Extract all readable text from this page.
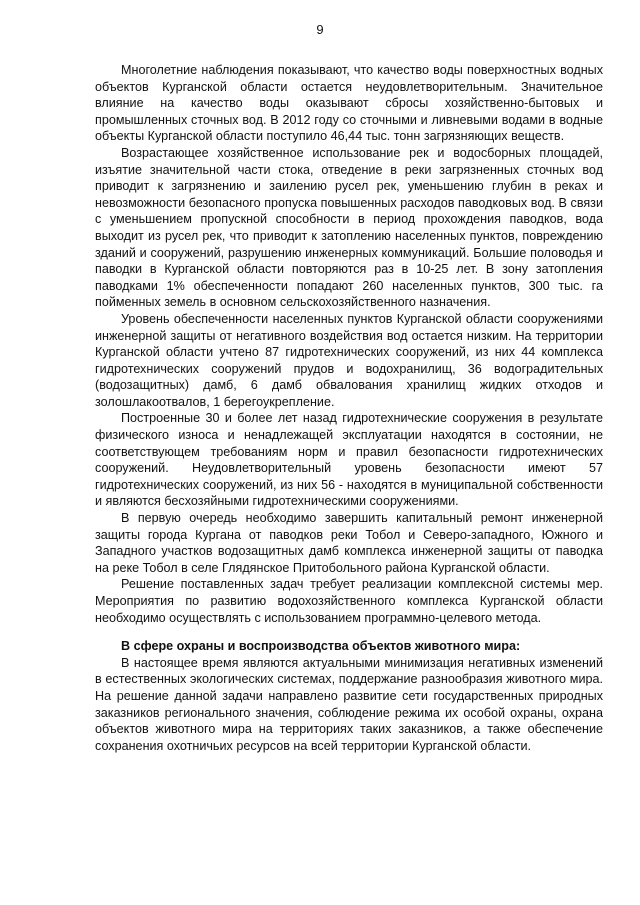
9

Многолетние наблюдения показывают, что качество воды поверхностных водных объектов Курганской области остается неудовлетворительным. Значительное влияние на качество воды оказывают сбросы хозяйственно-бытовых и промышленных сточных вод. В 2012 году со сточными и ливневыми водами в водные объекты Курганской области поступило 46,44 тыс. тонн загрязняющих веществ.

Возрастающее хозяйственное использование рек и водосборных площадей, изъятие значительной части стока, отведение в реки загрязненных сточных вод приводит к загрязнению и заилению русел рек, уменьшению глубин в реках и невозможности безопасного пропуска повышенных расходов паводковых вод. В связи с уменьшением пропускной способности в период прохождения паводков, вода выходит из русел рек, что приводит к затоплению населенных пунктов, повреждению зданий и сооружений, разрушению инженерных коммуникаций. Большие половодья и паводки в Курганской области повторяются раз в 10-25 лет. В зону затопления паводками 1% обеспеченности попадают 260 населенных пунктов, 300 тыс. га пойменных земель в основном сельскохозяйственного назначения.

Уровень обеспеченности населенных пунктов Курганской области сооружениями инженерной защиты от негативного воздействия вод остается низким. На территории Курганской области учтено 87 гидротехнических сооружений, из них 44 комплекса гидротехнических сооружений прудов и водохранилищ, 36 водоградительных (водозащитных) дамб, 6 дамб обвалования хранилищ жидких отходов и золошлакоотвалов, 1 берегоукрепление.

Построенные 30 и более лет назад гидротехнические сооружения в результате физического износа и ненадлежащей эксплуатации находятся в состоянии, не соответствующем требованиям норм и правил безопасности гидротехнических сооружений. Неудовлетворительный уровень безопасности имеют 57 гидротехнических сооружений, из них 56 - находятся в муниципальной собственности и являются бесхозяйными гидротехническими сооружениями.

В первую очередь необходимо завершить капитальный ремонт инженерной защиты города Кургана от паводков реки Тобол и Северо-западного, Южного и Западного участков водозащитных дамб комплекса инженерной защиты от паводка на реке Тобол в селе Глядянское Притобольного района Курганской области.

Решение поставленных задач требует реализации комплексной системы мер. Мероприятия по развитию водохозяйственного комплекса Курганской области необходимо осуществлять с использованием программно-целевого метода.

В сфере охраны и воспроизводства объектов животного мира:

В настоящее время являются актуальными минимизация негативных изменений в естественных экологических системах, поддержание разнообразия животного мира. На решение данной задачи направлено развитие сети государственных природных заказников регионального значения, соблюдение режима их особой охраны, охрана объектов животного мира на территориях таких заказников, а также обеспечение сохранения охотничьих ресурсов на всей территории Курганской области.
